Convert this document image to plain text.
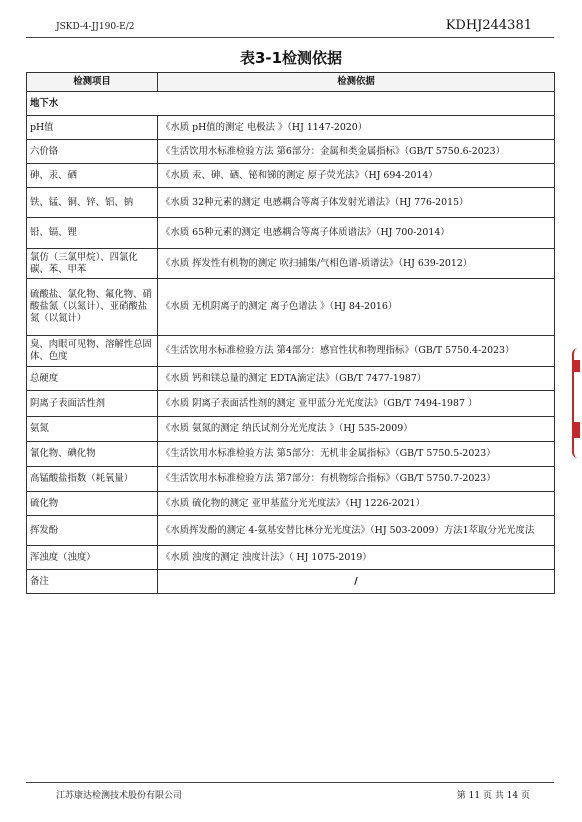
JSKD-4-JJ190-E/2	KDHJ244381
表3-1检测依据
检测项目	检测依据
地下水	
pH值	《水质 pH值的测定 电极法 》（HJ 1147-2020）
六价铬	《生活饮用水标准检验方法 第6部分：金属和类金属指标》（GB/T 5750.6-2023）
砷、汞、硒	《水质 汞、砷、硒、铋和锑的测定 原子荧光法》（HJ 694-2014）
铁、锰、铜、锌、铝、钠	《水质 32种元素的测定 电感耦合等离子体发射光谱法》（HJ 776-2015）
铅、镉、锂	《水质 65种元素的测定 电感耦合等离子体质谱法》（HJ 700-2014）
氯仿（三氯甲烷）、四氯化碳、苯、甲苯	《水质 挥发性有机物的测定 吹扫捕集/气相色谱-质谱法》（HJ 639-2012）
硫酸盐、氯化物、氟化物、硝酸盐氮（以氮计）、亚硝酸盐氮（以氮计）	《水质 无机阴离子的测定 离子色谱法 》（HJ 84-2016）
臭、肉眼可见物、溶解性总固体、色度	《生活饮用水标准检验方法 第4部分：感官性状和物理指标》（GB/T 5750.4-2023）
总硬度	《水质 钙和镁总量的测定 EDTA滴定法》（GB/T 7477-1987）
阴离子表面活性剂	《水质 阴离子表面活性剂的测定 亚甲蓝分光光度法》（GB/T 7494-1987 ）
氨氮	《水质 氨氮的测定 纳氏试剂分光光度法 》（HJ 535-2009）
氰化物、碘化物	《生活饮用水标准检验方法 第5部分：无机非金属指标》（GB/T 5750.5-2023）
高锰酸盐指数（耗氧量）	《生活饮用水标准检验方法 第7部分：有机物综合指标》（GB/T 5750.7-2023）
硫化物	《水质 硫化物的测定 亚甲基蓝分光光度法》（HJ 1226-2021）
挥发酚	《水质挥发酚的测定 4-氨基安替比林分光光度法》（HJ 503-2009）方法1萃取分光光度法
浑浊度（浊度）	《水质 浊度的测定 浊度计法》（ HJ 1075-2019）
备注	/
江苏康达检测技术股份有限公司	第 11 页 共 14 页
